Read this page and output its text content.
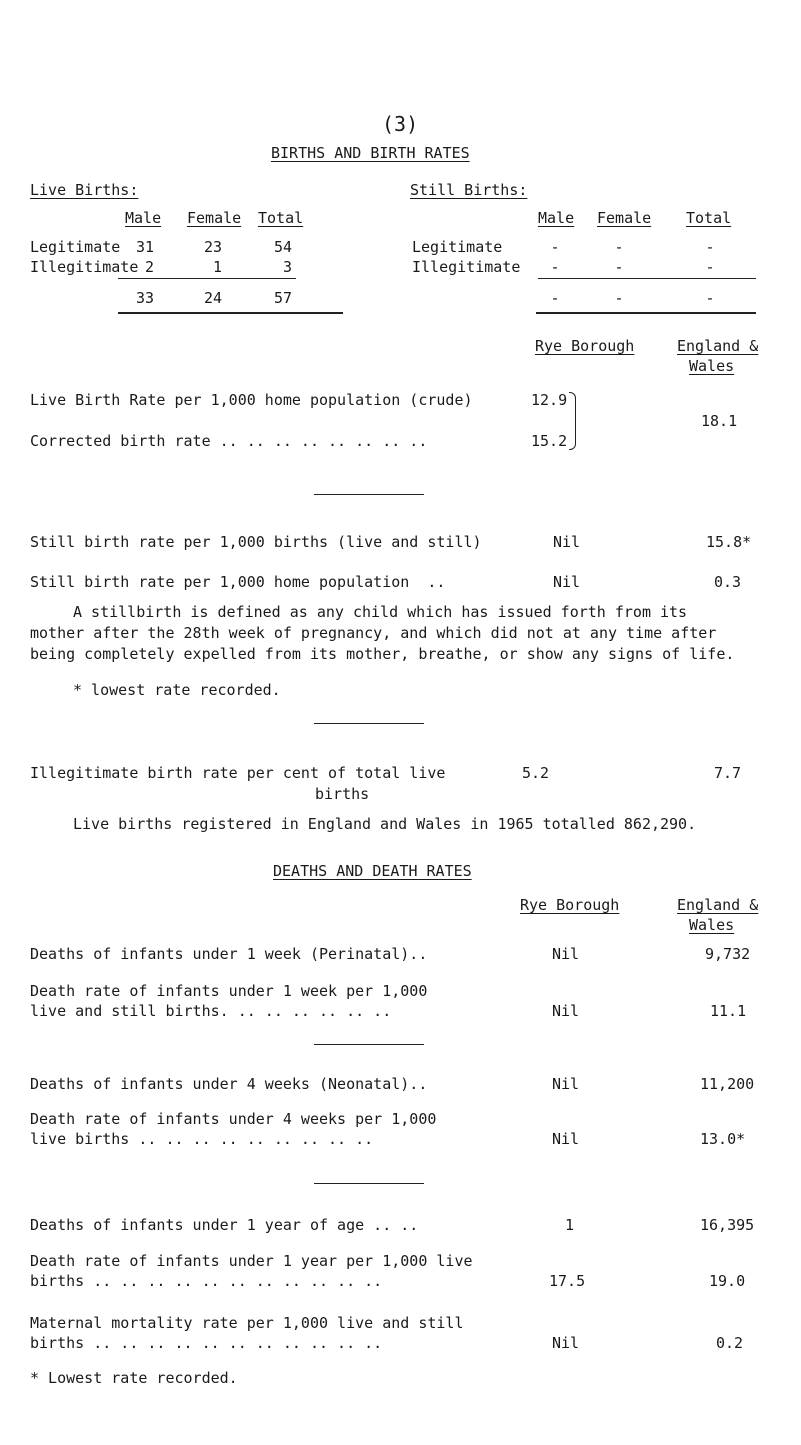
(3)
BIRTHS AND BIRTH RATES
Live Births:
Male Female Total
Legitimate	31	23	54
Illegitimate 2	1	3
33	24	57
Still Births:
Male Female Total
Legitimate	-	-	-
Illegitimate	-	-	-
-	-	-
Rye Borough	England &
Wales
Live Birth Rate per 1,000 home population (crude)	12.9
Corrected birth rate .. .. .. .. .. .. .. ..	15.2
18.1
Still birth rate per 1,000 births (live and still)	Nil	15.8*
Still birth rate per 1,000 home population  ..	Nil	0.3
A stillbirth is defined as any child which has issued forth from its
mother after the 28th week of pregnancy, and which did not at any time after
being completely expelled from its mother, breathe, or show any signs of life.
* lowest rate recorded.
Illegitimate birth rate per cent of total live
births
5.2	7.7
Live births registered in England and Wales in 1965 totalled 862,290.
DEATHS AND DEATH RATES
Rye Borough	England &
Wales
Deaths of infants under 1 week (Perinatal)..	Nil	9,732
Death rate of infants under 1 week per 1,000
live and still births. .. .. .. .. .. ..	Nil	11.1
Deaths of infants under 4 weeks (Neonatal)..	Nil	11,200
Death rate of infants under 4 weeks per 1,000
live births .. .. .. .. .. .. .. .. ..	Nil	13.0*
Deaths of infants under 1 year of age .. ..	1	16,395
Death rate of infants under 1 year per 1,000 live
births .. .. .. .. .. .. .. .. .. .. ..	17.5	19.0
Maternal mortality rate per 1,000 live and still
births .. .. .. .. .. .. .. .. .. .. ..	Nil	0.2
* Lowest rate recorded.
